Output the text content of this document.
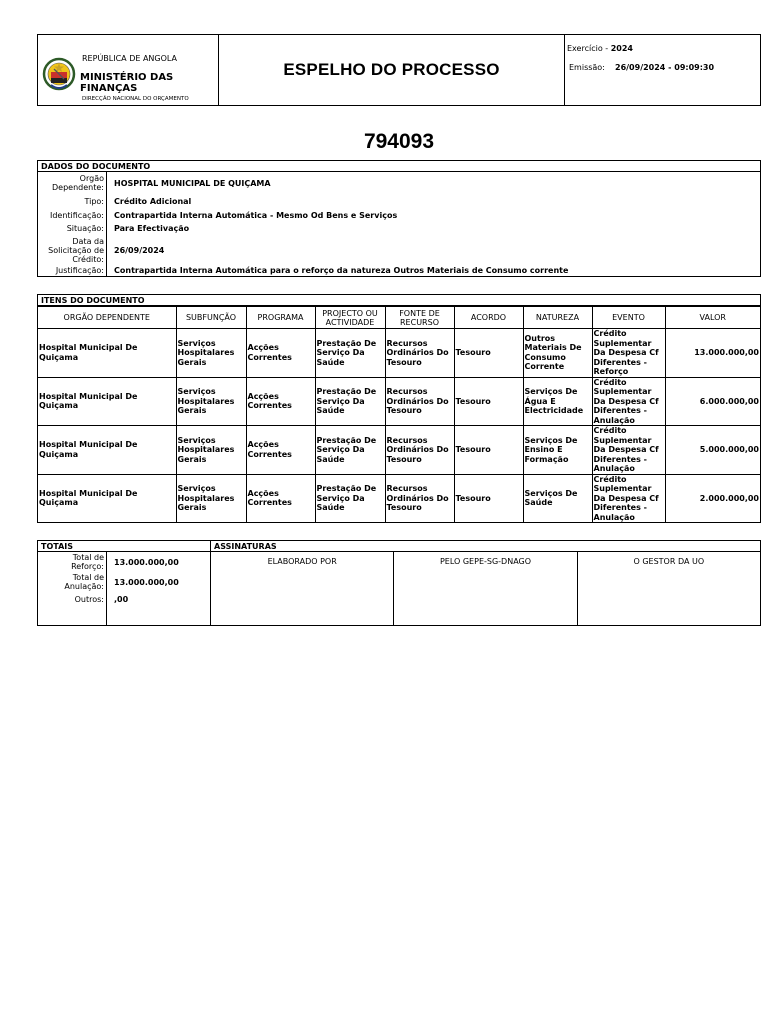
REPÚBLICA DE ANGOLA
MINISTÉRIO DAS
FINANÇAS
DIRECÇÃO NACIONAL DO ORÇAMENTO
ESPELHO DO PROCESSO
Exercício - 2024
Emissão: 26/09/2024 - 09:09:30
794093
DADOS DO DOCUMENTO
Orgão Dependente:	HOSPITAL MUNICIPAL DE QUIÇAMA
Tipo:	Crédito Adicional
Identificação:	Contrapartida Interna Automática - Mesmo Od Bens e Serviços
Situação:	Para Efectivação
Data da Solicitação de Crédito:
26/09/2024
Justificação:	Contrapartida Interna Automática para o reforço da natureza Outros Materiais de Consumo corrente
ITENS DO DOCUMENTO
ORGÃO DEPENDENTE	SUBFUNÇÃO	PROGRAMA	PROJECTO OU ACTIVIDADE	FONTE DE RECURSO	ACORDO	NATUREZA	EVENTO	VALOR
Hospital Municipal De Quiçama	Serviços Hospitalares Gerais	Acções Correntes	Prestação De Serviço Da Saúde	Recursos Ordinários Do Tesouro	Tesouro	Outros Materiais De Consumo Corrente	Crédito Suplementar Da Despesa Cf Diferentes - Reforço	13.000.000,00
Hospital Municipal De Quiçama	Serviços Hospitalares Gerais	Acções Correntes	Prestação De Serviço Da Saúde	Recursos Ordinários Do Tesouro	Tesouro	Serviços De Água E Electricidade	Crédito Suplementar Da Despesa Cf Diferentes - Anulação	6.000.000,00
Hospital Municipal De Quiçama	Serviços Hospitalares Gerais	Acções Correntes	Prestação De Serviço Da Saúde	Recursos Ordinários Do Tesouro	Tesouro	Serviços De Ensino E Formação	Crédito Suplementar Da Despesa Cf Diferentes - Anulação	5.000.000,00
Hospital Municipal De Quiçama	Serviços Hospitalares Gerais	Acções Correntes	Prestação De Serviço Da Saúde	Recursos Ordinários Do Tesouro	Tesouro	Serviços De Saúde	Crédito Suplementar Da Despesa Cf Diferentes - Anulação	2.000.000,00
TOTAIS
Total de Reforço:	13.000.000,00
Total de Anulação:	13.000.000,00
Outros:	,00
ASSINATURAS
ELABORADO POR	PELO GEPE-SG-DNAGO	O GESTOR DA UO
